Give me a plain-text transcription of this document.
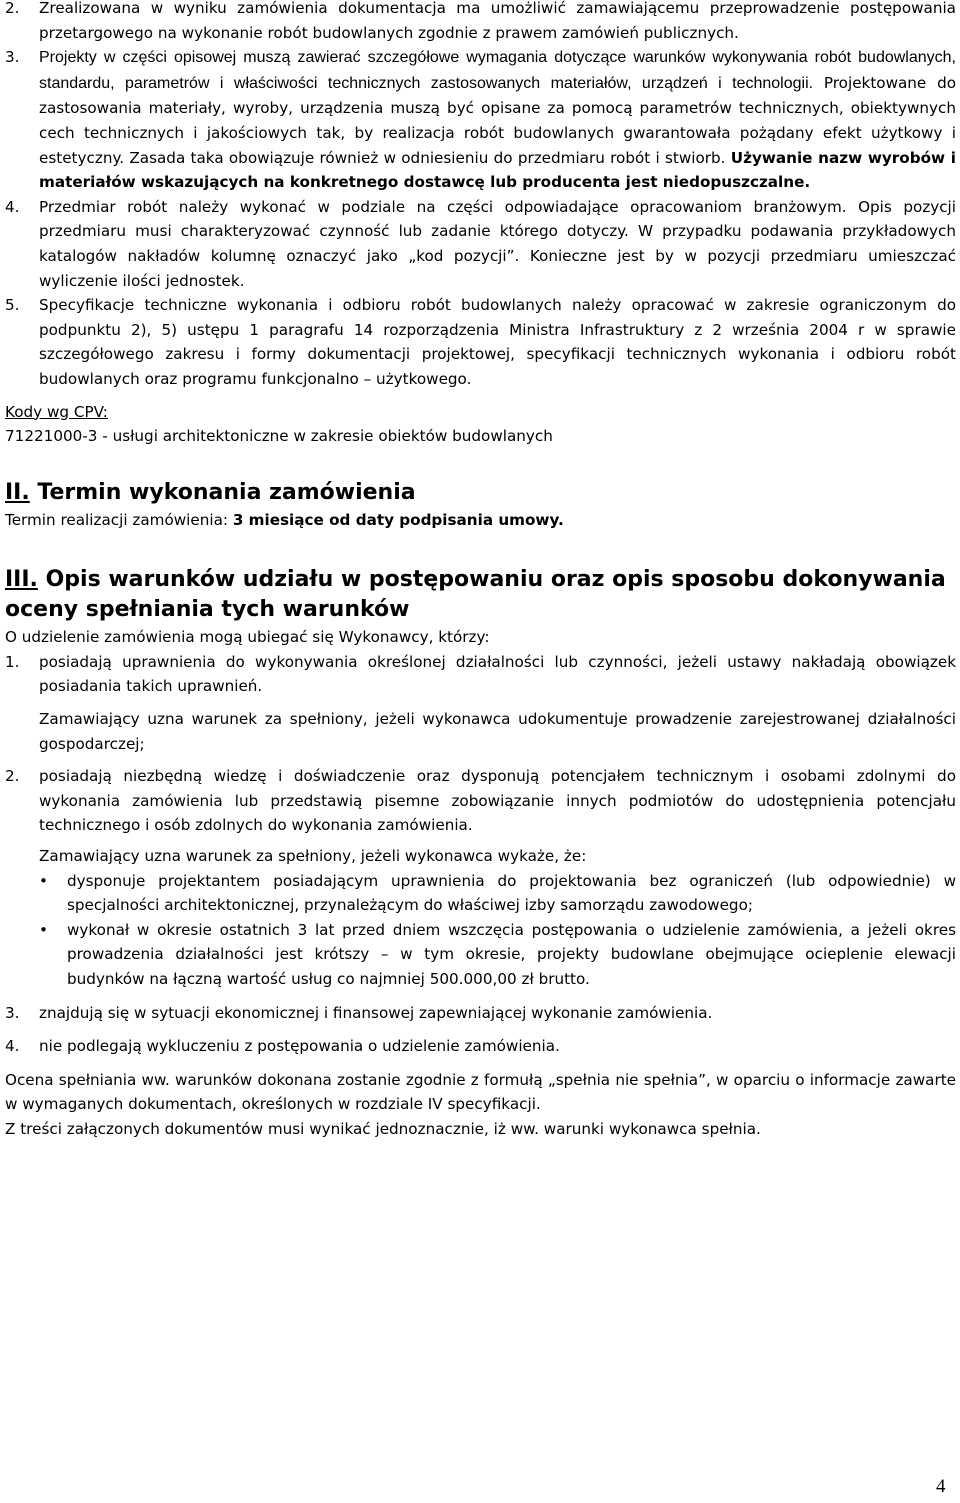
2. Zrealizowana w wyniku zamówienia dokumentacja ma umożliwić zamawiającemu przeprowadzenie postępowania przetargowego na wykonanie robót budowlanych zgodnie z prawem zamówień publicznych.
3. Projekty w części opisowej muszą zawierać szczegółowe wymagania dotyczące warunków wykonywania robót budowlanych, standardu, parametrów i właściwości technicznych zastosowanych materiałów, urządzeń i technologii. Projektowane do zastosowania materiały, wyroby, urządzenia muszą być opisane za pomocą parametrów technicznych, obiektywnych cech technicznych i jakościowych tak, by realizacja robót budowlanych gwarantowała pożądany efekt użytkowy i estetyczny. Zasada taka obowiązuje również w odniesieniu do przedmiaru robót i stwiorb. Używanie nazw wyrobów i materiałów wskazujących na konkretnego dostawcę lub producenta jest niedopuszczalne.
4. Przedmiar robót należy wykonać w podziale na części odpowiadające opracowaniom branżowym. Opis pozycji przedmiaru musi charakteryzować czynność lub zadanie którego dotyczy. W przypadku podawania przykładowych katalogów nakładów kolumnę oznaczyć jako „kod pozycji”. Konieczne jest by w pozycji przedmiaru umieszczać wyliczenie ilości jednostek.
5. Specyfikacje techniczne wykonania i odbioru robót budowlanych należy opracować w zakresie ograniczonym do podpunktu 2), 5) ustępu 1 paragrafu 14 rozporządzenia Ministra Infrastruktury z 2 września 2004 r w sprawie szczegółowego zakresu i formy dokumentacji projektowej, specyfikacji technicznych wykonania i odbioru robót budowlanych oraz programu funkcjonalno – użytkowego.
Kody wg CPV:
71221000-3 - usługi architektoniczne w zakresie obiektów budowlanych
II. Termin wykonania zamówienia
Termin realizacji zamówienia: 3 miesiące od daty podpisania umowy.
III. Opis warunków udziału w postępowaniu oraz opis sposobu dokonywania oceny spełniania tych warunków
O udzielenie zamówienia mogą ubiegać się Wykonawcy, którzy:
1. posiadają uprawnienia do wykonywania określonej działalności lub czynności, jeżeli ustawy nakładają obowiązek posiadania takich uprawnień.
Zamawiający uzna warunek za spełniony, jeżeli wykonawca udokumentuje prowadzenie zarejestrowanej działalności gospodarczej;
2. posiadają niezbędną wiedzę i doświadczenie oraz dysponują potencjałem technicznym i osobami zdolnymi do wykonania zamówienia lub przedstawią pisemne zobowiązanie innych podmiotów do udostępnienia potencjału technicznego i osób zdolnych do wykonania zamówienia.
Zamawiający uzna warunek za spełniony, jeżeli wykonawca wykaże, że:
• dysponuje projektantem posiadającym uprawnienia do projektowania bez ograniczeń (lub odpowiednie) w specjalności architektonicznej, przynależącym do właściwej izby samorządu zawodowego;
• wykonał w okresie ostatnich 3 lat przed dniem wszczęcia postępowania o udzielenie zamówienia, a jeżeli okres prowadzenia działalności jest krótszy – w tym okresie, projekty budowlane obejmujące ocieplenie elewacji budynków na łączną wartość usług co najmniej 500.000,00 zł brutto.
3. znajdują się w sytuacji ekonomicznej i finansowej zapewniającej wykonanie zamówienia.
4. nie podlegają wykluczeniu z postępowania o udzielenie zamówienia.
Ocena spełniania ww. warunków dokonana zostanie zgodnie z formułą „spełnia nie spełnia”, w oparciu o informacje zawarte w wymaganych dokumentach, określonych w rozdziale IV specyfikacji.
Z treści załączonych dokumentów musi wynikać jednoznacznie, iż ww. warunki wykonawca spełnia.
4
